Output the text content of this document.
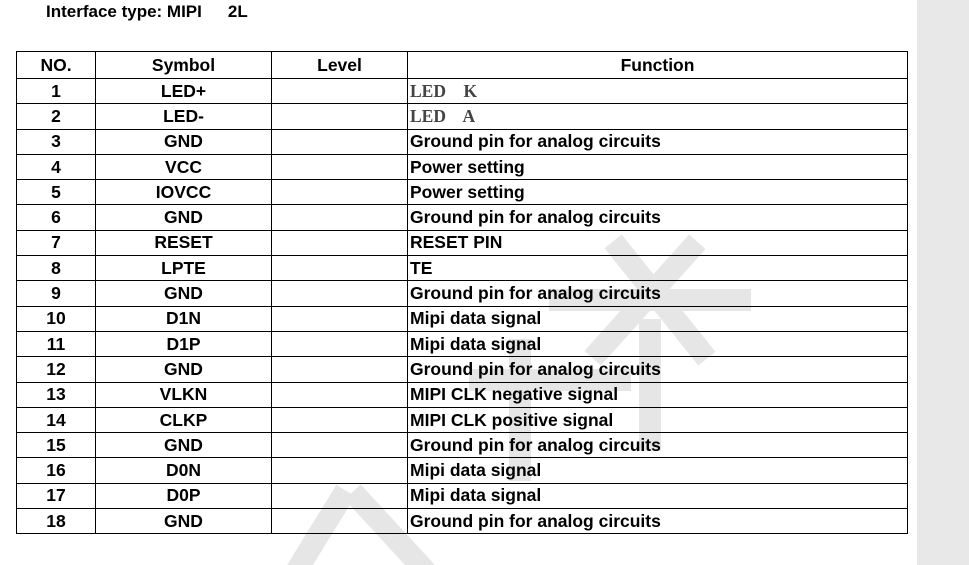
Interface type: MIPI 2L
NO.	Symbol	Level	Function
1	LED+		LED    K
2	LED-		LED    A
3	GND		Ground pin for analog circuits
4	VCC		Power setting
5	IOVCC		Power setting
6	GND		Ground pin for analog circuits
7	RESET		RESET PIN
8	LPTE		TE
9	GND		Ground pin for analog circuits
10	D1N		Mipi data signal
11	D1P		Mipi data signal
12	GND		Ground pin for analog circuits
13	VLKN		MIPI CLK negative signal
14	CLKP		MIPI CLK positive signal
15	GND		Ground pin for analog circuits
16	D0N		Mipi data signal
17	D0P		Mipi data signal
18	GND		Ground pin for analog circuits
